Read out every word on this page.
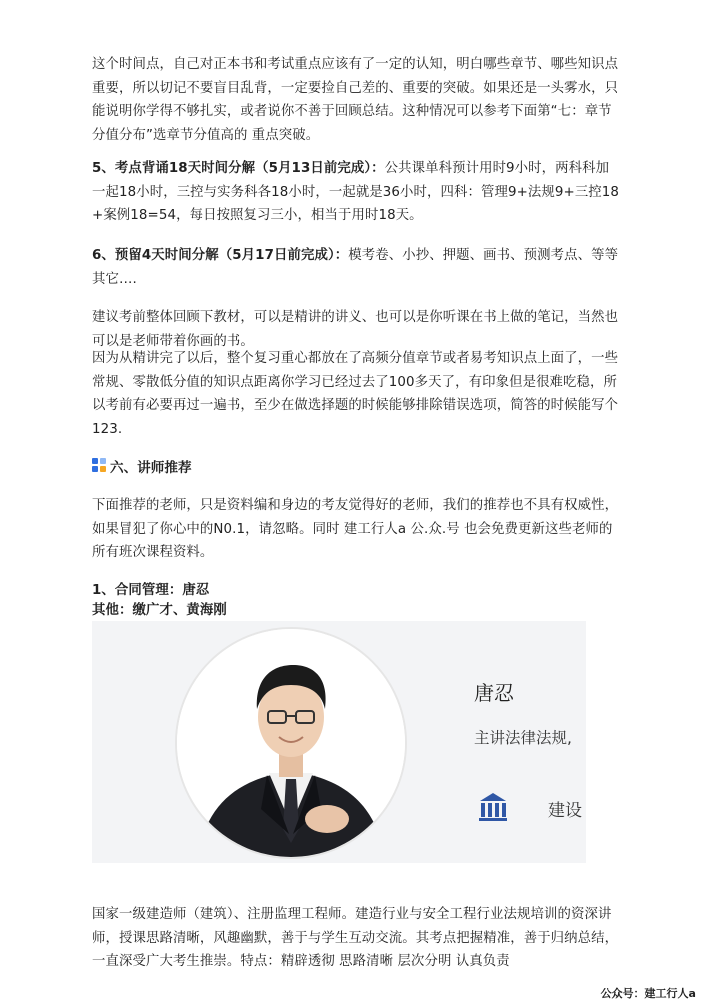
这个时间点，自己对正本书和考试重点应该有了一定的认知，明白哪些章节、哪些知识点重要，所以切记不要盲目乱背，一定要捡自己差的、重要的突破。如果还是一头雾水，只能说明你学得不够扎实，或者说你不善于回顾总结。这种情况可以参考下面第“七：章节分值分布”选章节分值高的 重点突破。

5、考点背诵18天时间分解（5月13日前完成）：公共课单科预计用时9小时，两科科加一起18小时，三控与实务科各18小时，一起就是36小时，四科：管理9+法规9+三控18+案例18=54，每日按照复习三小，相当于用时18天。

6、预留4天时间分解（5月17日前完成）：模考卷、小抄、押题、画书、预测考点、等等其它….

建议考前整体回顾下教材，可以是精讲的讲义、也可以是你听课在书上做的笔记，当然也可以是老师带着你画的书。

因为从精讲完了以后，整个复习重心都放在了高频分值章节或者易考知识点上面了，一些常规、零散低分值的知识点距离你学习已经过去了100多天了，有印象但是很难吃稳，所以考前有必要再过一遍书，至少在做选择题的时候能够排除错误选项，简答的时候能写个123.

六、讲师推荐

下面推荐的老师，只是资料编和身边的考友觉得好的老师，我们的推荐也不具有权威性，如果冒犯了你心中的N0.1，请忽略。同时 建工行人a 公.众.号 也会免费更新这些老师的所有班次课程资料。

1、合同管理：唐忍

其他：缴广才、黄海刚

唐忍
主讲法律法规,
建设

国家一级建造师（建筑）、注册监理工程师。建造行业与安全工程行业法规培训的资深讲师，授课思路清晰，风趣幽默，善于与学生互动交流。其考点把握精准，善于归纳总结，一直深受广大考生推崇。特点：精辟透彻 思路清晰 层次分明 认真负责

公众号：建工行人a
